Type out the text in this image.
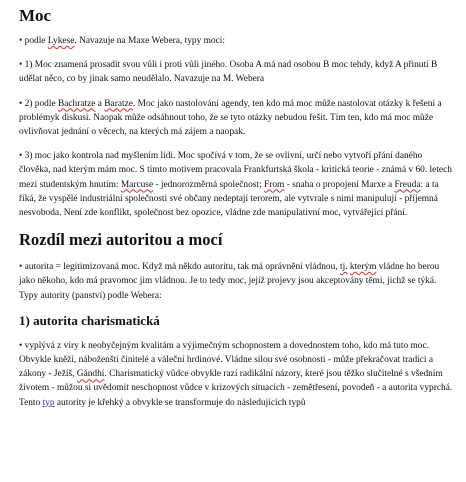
Moc

• podle Lykese. Navazuje na Maxe Webera, typy moci:

• 1) Moc znamená prosadit svou vůli i proti vůli jiného. Osoba A má nad osobou B moc tehdy, když A přinutí B udělat něco, co by jinak samo neudělalo. Navazuje na M. Webera

• 2) podle Bachratze a Baratze. Moc jako nastolování agendy, ten kdo má moc může nastolovat otázky k řešení a problémyk diskusi. Naopak může odsáhnout toho, že se tyto otázky nebudou řešit. Tím ten, kdo má moc může ovlivňovat jednání o věcech, na kterých má zájem a naopak.

• 3) moc jako kontrola nad myšlením lidí. Moc spočívá v tom, že se ovlivní, určí nebo vytvoří přání daného člověka, nad kterým mám moc. S tímto motivem pracovala Frankfurtská škola - kritická teorie - známá v 60. letech mezi studentským hnutím: Marcuse - jednorozměrná společnost; From - snaha o propojení Marxe a Freuda: a ta říká, že vyspělé industriální společnosti své občany nedeptají terorem, ale vytvrale s nimi manipulují - příjemná nesvoboda. Není zde konflikt, společnost bez opozice, vládne zde manipulativní moc, vytvářející přání.

Rozdíl mezi autoritou a mocí

• autorita = legitimizovaná moc. Když má někdo autoritu, tak má oprávnění vládnou, tj. kterým vládne ho berou jako někoho, kdo má pravomoc jim vládnou. Je to tedy moc, jejíž projevy jsou akceptovány těmi, jichž se týká. Typy autority (panství) podle Webera:

1) autorita charismatická

• vyplývá z víry k neobyčejným kvalitám a výjimečným schopnostem a dovednostem toho, kdo má tuto moc. Obvykle kněží, náboženští činitelé a váleční hrdinové. Vládne silou své osobnosti - může překračovat tradici a zákony - Ježíš, Gándhí. Charismatický vůdce obvykle razí radikální názory, které jsou těžko slučitelné s všedním životem - můžou si uvědomit neschopnost vůdce v krizových situacích - zemětřesení, povodeň - a autorita vyprchá. Tento typ autority je křehký a obvykle se transformuje do následujících typů
